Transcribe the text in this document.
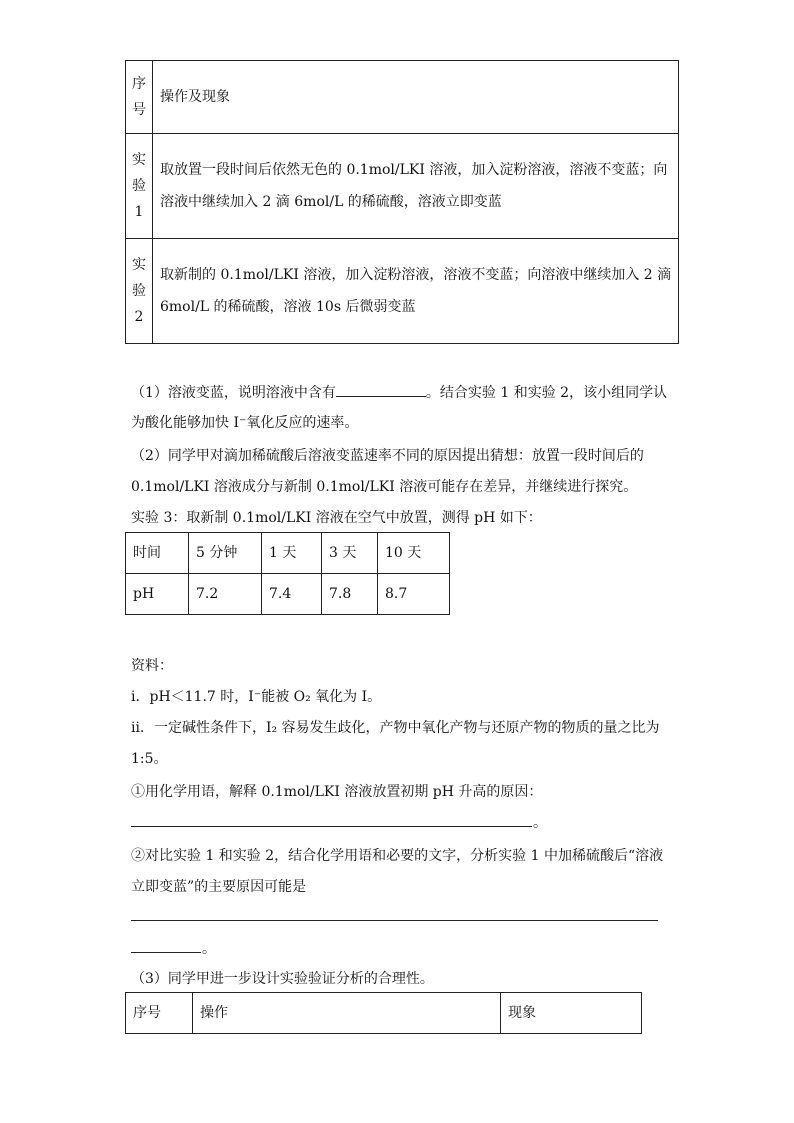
序号	操作及现象
实验1	取放置一段时间后依然无色的 0.1mol/LKI 溶液，加入淀粉溶液，溶液不变蓝；向
溶液中继续加入 2 滴 6mol/L 的稀硫酸，溶液立即变蓝

实验2	取新制的 0.1mol/LKI 溶液，加入淀粉溶液，溶液不变蓝；向溶液中继续加入 2 滴
6mol/L 的稀硫酸，溶液 10s 后微弱变蓝
（1）溶液变蓝，说明溶液中含有	。结合实验 1 和实验 2，该小组同学认
为酸化能够加快 I⁻氧化反应的速率。
（2）同学甲对滴加稀硫酸后溶液变蓝速率不同的原因提出猜想：放置一段时间后的
0.1mol/LKI 溶液成分与新制 0.1mol/LKI 溶液可能存在差异，并继续进行探究。
实验 3：取新制 0.1mol/LKI 溶液在空气中放置，测得 pH 如下：
时间	5 分钟	1 天	3 天	10 天
pH	7.2	7.4	7.8	8.7
资料：
ⅰ．pH＜11.7 时，I⁻能被 O₂ 氧化为 I。
ⅱ．一定碱性条件下，I₂ 容易发生歧化，产物中氧化产物与还原产物的物质的量之比为
1:5。
①用化学用语，解释 0.1mol/LKI 溶液放置初期 pH 升高的原因：
。
②对比实验 1 和实验 2，结合化学用语和必要的文字，分析实验 1 中加稀硫酸后“溶液
立即变蓝”的主要原因可能是
。
（3）同学甲进一步设计实验验证分析的合理性。
序号	操作	现象
